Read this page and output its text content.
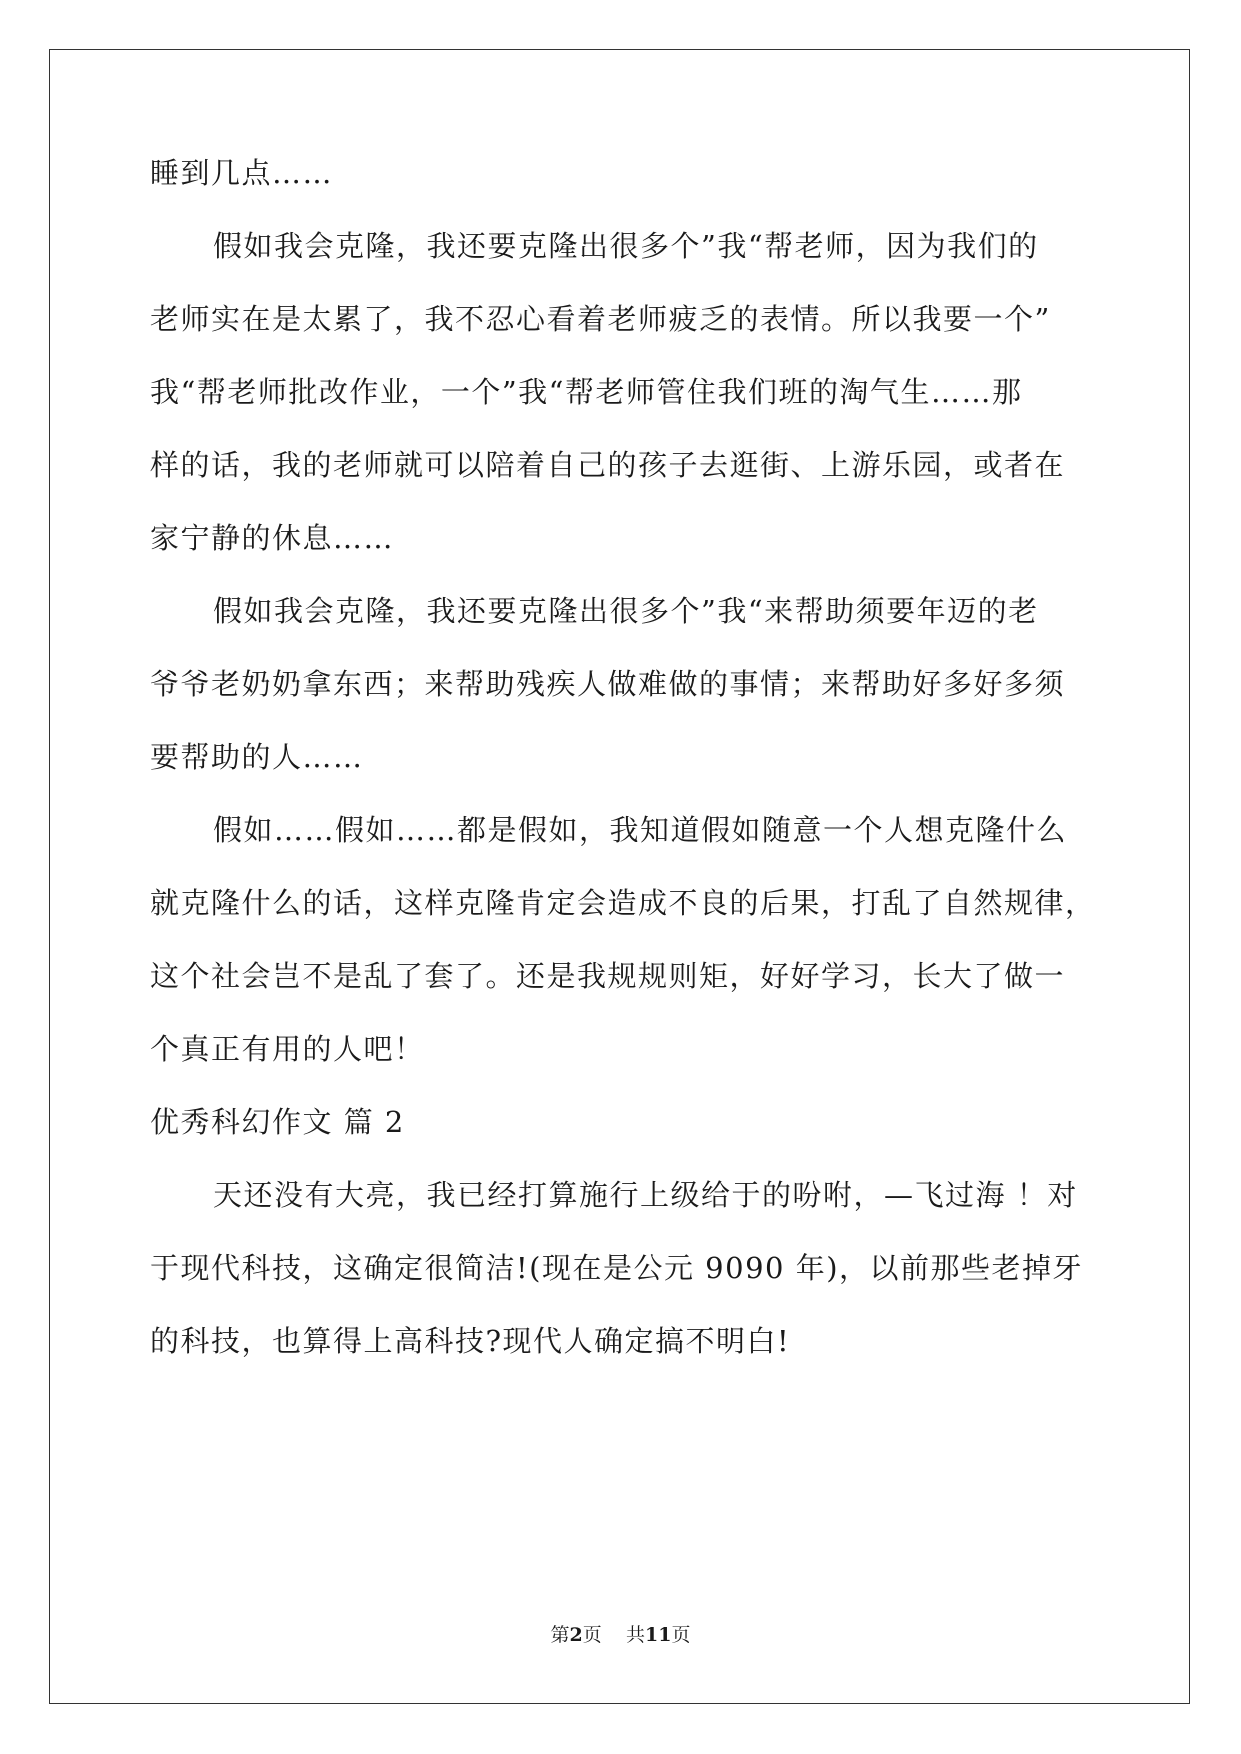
睡到几点……
假如我会克隆，我还要克隆出很多个”我“帮老师，因为我们的
老师实在是太累了，我不忍心看着老师疲乏的表情。所以我要一个”
我“帮老师批改作业，一个”我“帮老师管住我们班的淘气生……那
样的话，我的老师就可以陪着自己的孩子去逛街、上游乐园，或者在
家宁静的休息……
假如我会克隆，我还要克隆出很多个”我“来帮助须要年迈的老
爷爷老奶奶拿东西；来帮助残疾人做难做的事情；来帮助好多好多须
要帮助的人……
假如……假如……都是假如，我知道假如随意一个人想克隆什么
就克隆什么的话，这样克隆肯定会造成不良的后果，打乱了自然规律，
这个社会岂不是乱了套了。还是我规规则矩，好好学习，长大了做一
个真正有用的人吧！
优秀科幻作文 篇 2
天还没有大亮，我已经打算施行上级给于的吩咐，—飞过海 ！对
于现代科技，这确定很简洁!(现在是公元 9090 年)，以前那些老掉牙
的科技，也算得上高科技?现代人确定搞不明白!
第2页 共11页
